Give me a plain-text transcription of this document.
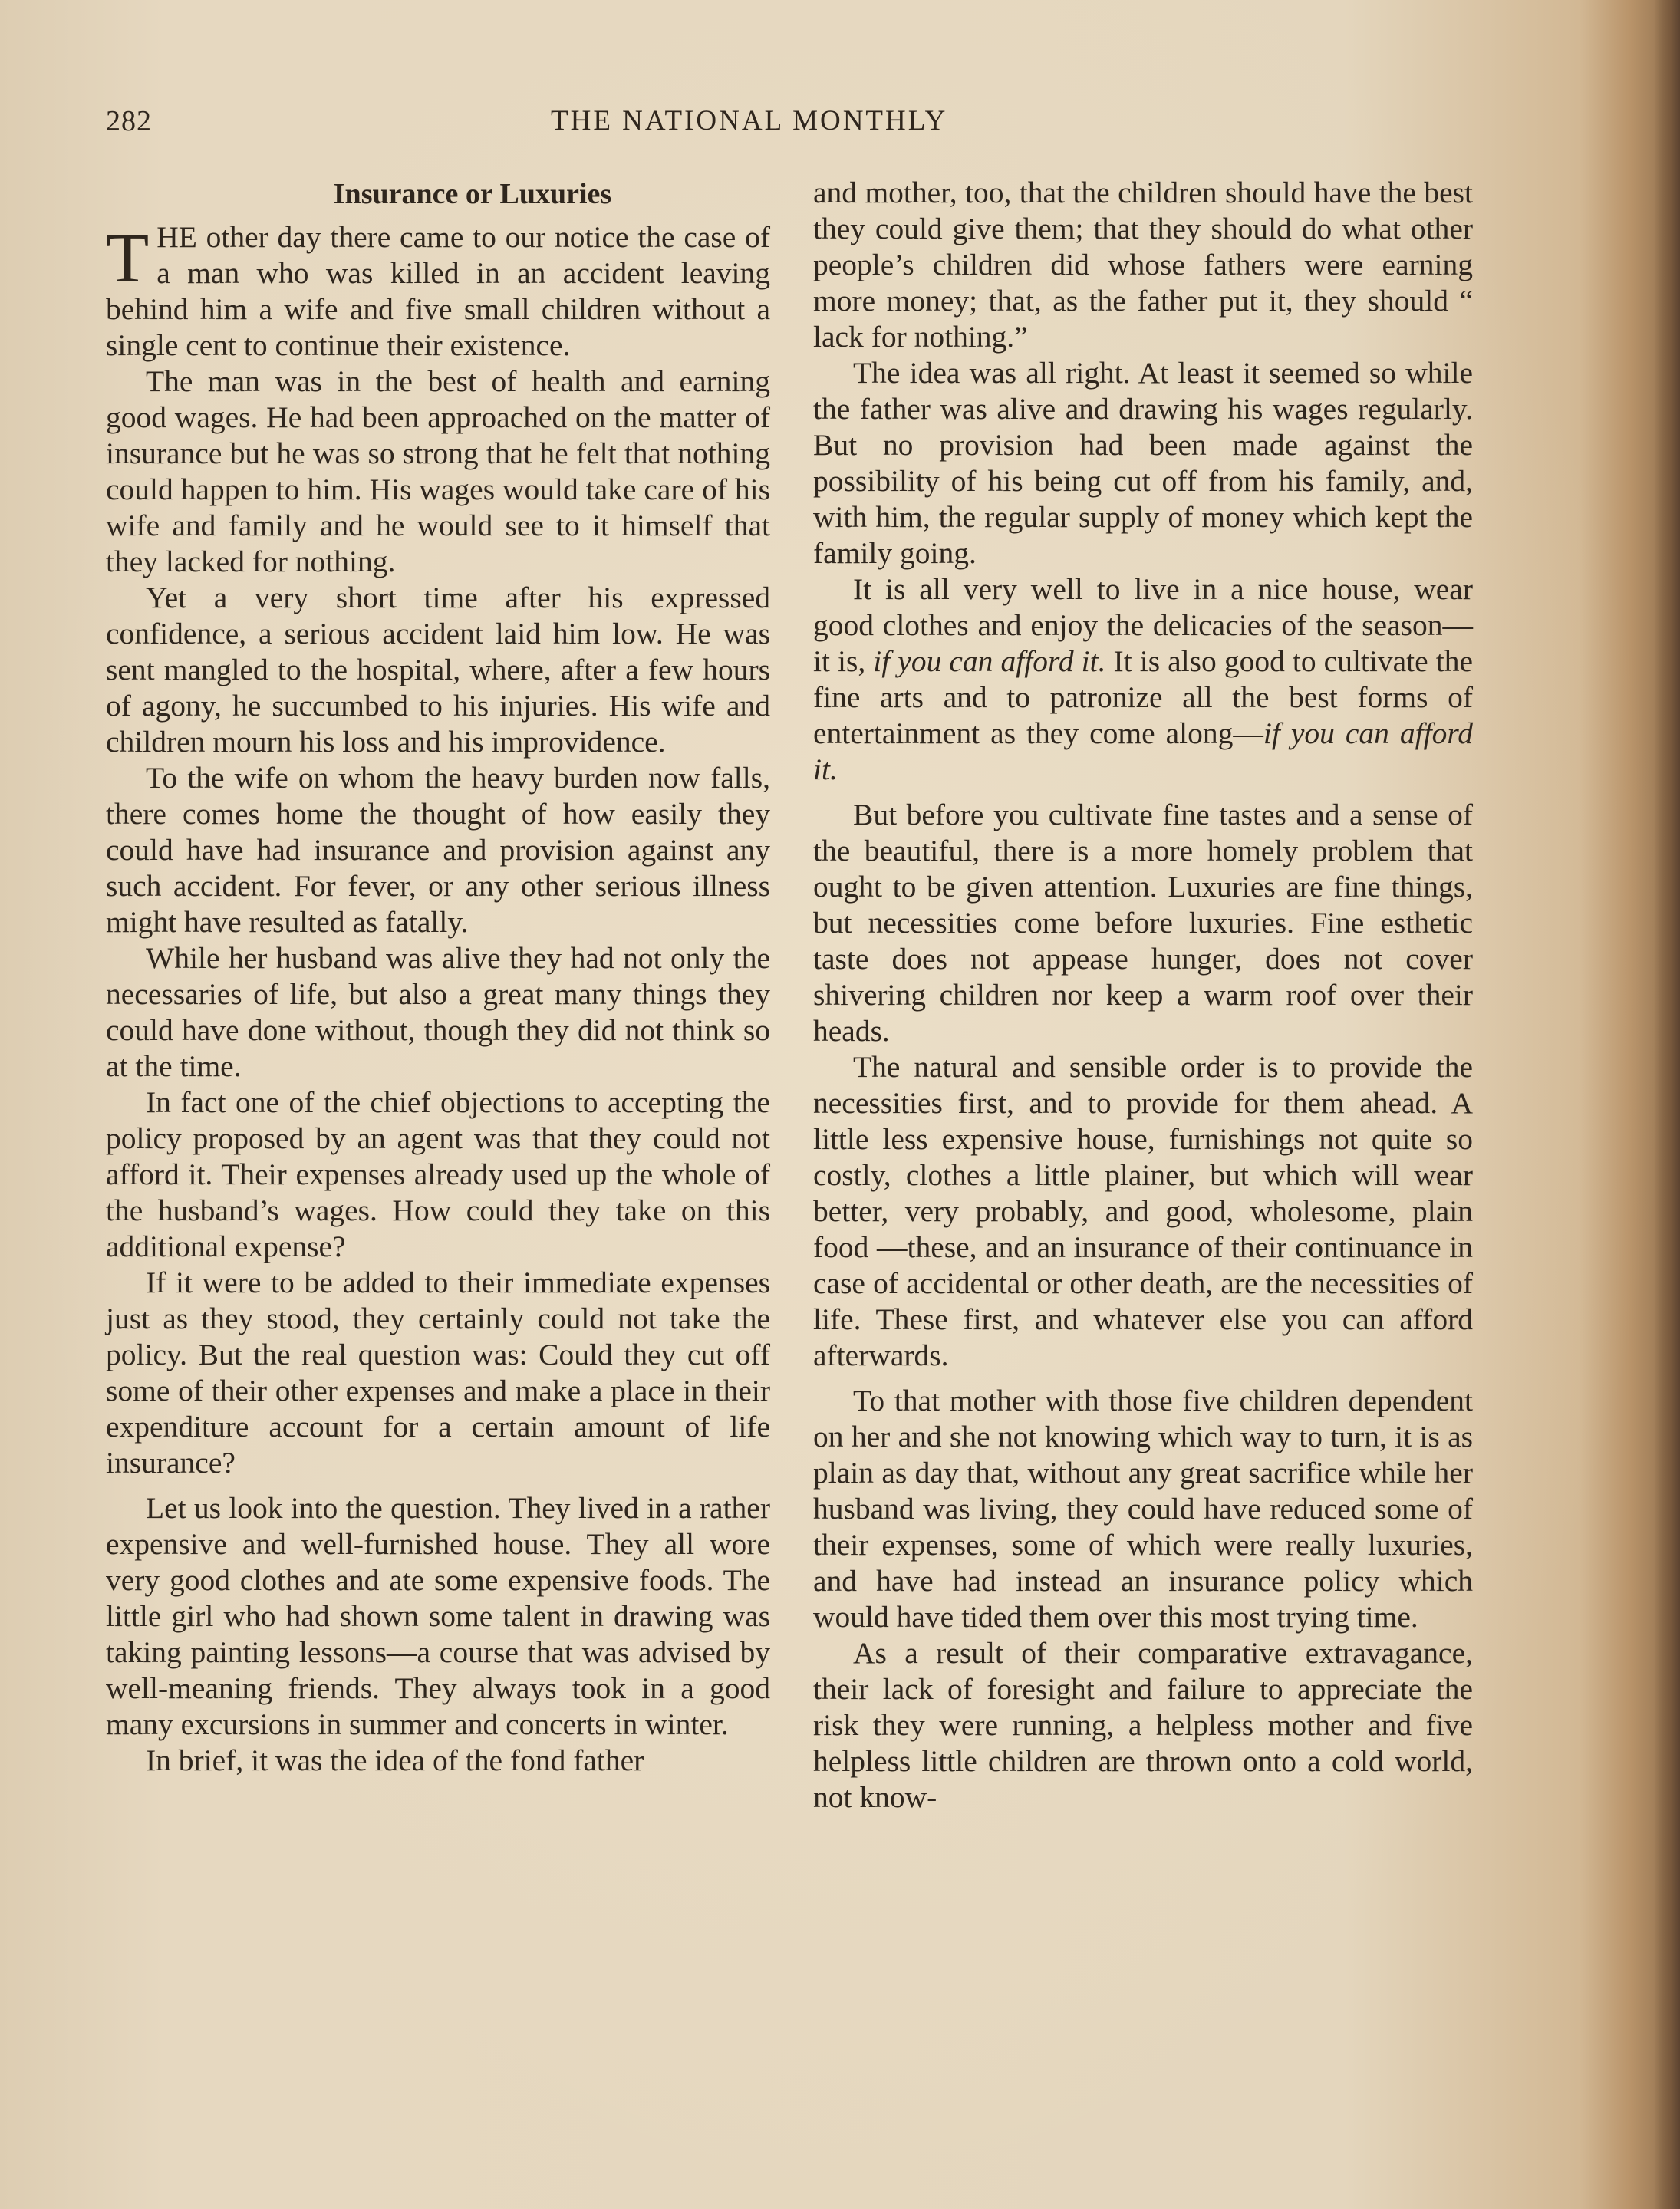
282	THE NATIONAL MONTHLY
Insurance or Luxuries

THE other day there came to our notice the case of a man who was killed in an accident leaving behind him a wife and five small children without a single cent to continue their existence.

The man was in the best of health and earning good wages. He had been approached on the matter of insurance but he was so strong that he felt that nothing could happen to him. His wages would take care of his wife and family and he would see to it himself that they lacked for nothing.

Yet a very short time after his expressed confidence, a serious accident laid him low. He was sent mangled to the hospital, where, after a few hours of agony, he succumbed to his injuries. His wife and children mourn his loss and his improvidence.

To the wife on whom the heavy burden now falls, there comes home the thought of how easily they could have had insurance and provision against any such accident. For fever, or any other serious illness might have resulted as fatally.

While her husband was alive they had not only the necessaries of life, but also a great many things they could have done without, though they did not think so at the time.

In fact one of the chief objections to accepting the policy proposed by an agent was that they could not afford it. Their expenses already used up the whole of the husband’s wages. How could they take on this additional expense?

If it were to be added to their immediate expenses just as they stood, they certainly could not take the policy. But the real question was: Could they cut off some of their other expenses and make a place in their expenditure account for a certain amount of life insurance?

Let us look into the question. They lived in a rather expensive and well-furnished house. They all wore very good clothes and ate some expensive foods. The little girl who had shown some talent in drawing was taking painting lessons—a course that was advised by well-meaning friends. They always took in a good many excursions in summer and concerts in winter.

In brief, it was the idea of the fond father

and mother, too, that the children should have the best they could give them; that they should do what other people’s children did whose fathers were earning more money; that, as the father put it, they should “ lack for nothing.”

The idea was all right. At least it seemed so while the father was alive and drawing his wages regularly. But no provision had been made against the possibility of his being cut off from his family, and, with him, the regular supply of money which kept the family going.

It is all very well to live in a nice house, wear good clothes and enjoy the delicacies of the season—it is, if you can afford it. It is also good to cultivate the fine arts and to patronize all the best forms of entertainment as they come along—if you can afford it.

But before you cultivate fine tastes and a sense of the beautiful, there is a more homely problem that ought to be given attention. Luxuries are fine things, but necessities come before luxuries. Fine esthetic taste does not appease hunger, does not cover shivering children nor keep a warm roof over their heads.

The natural and sensible order is to provide the necessities first, and to provide for them ahead. A little less expensive house, furnishings not quite so costly, clothes a little plainer, but which will wear better, very probably, and good, wholesome, plain food —these, and an insurance of their continuance in case of accidental or other death, are the necessities of life. These first, and whatever else you can afford afterwards.

To that mother with those five children dependent on her and she not knowing which way to turn, it is as plain as day that, without any great sacrifice while her husband was living, they could have reduced some of their expenses, some of which were really luxuries, and have had instead an insurance policy which would have tided them over this most trying time.

As a result of their comparative extravagance, their lack of foresight and failure to appreciate the risk they were running, a helpless mother and five helpless little children are thrown onto a cold world, not know-
